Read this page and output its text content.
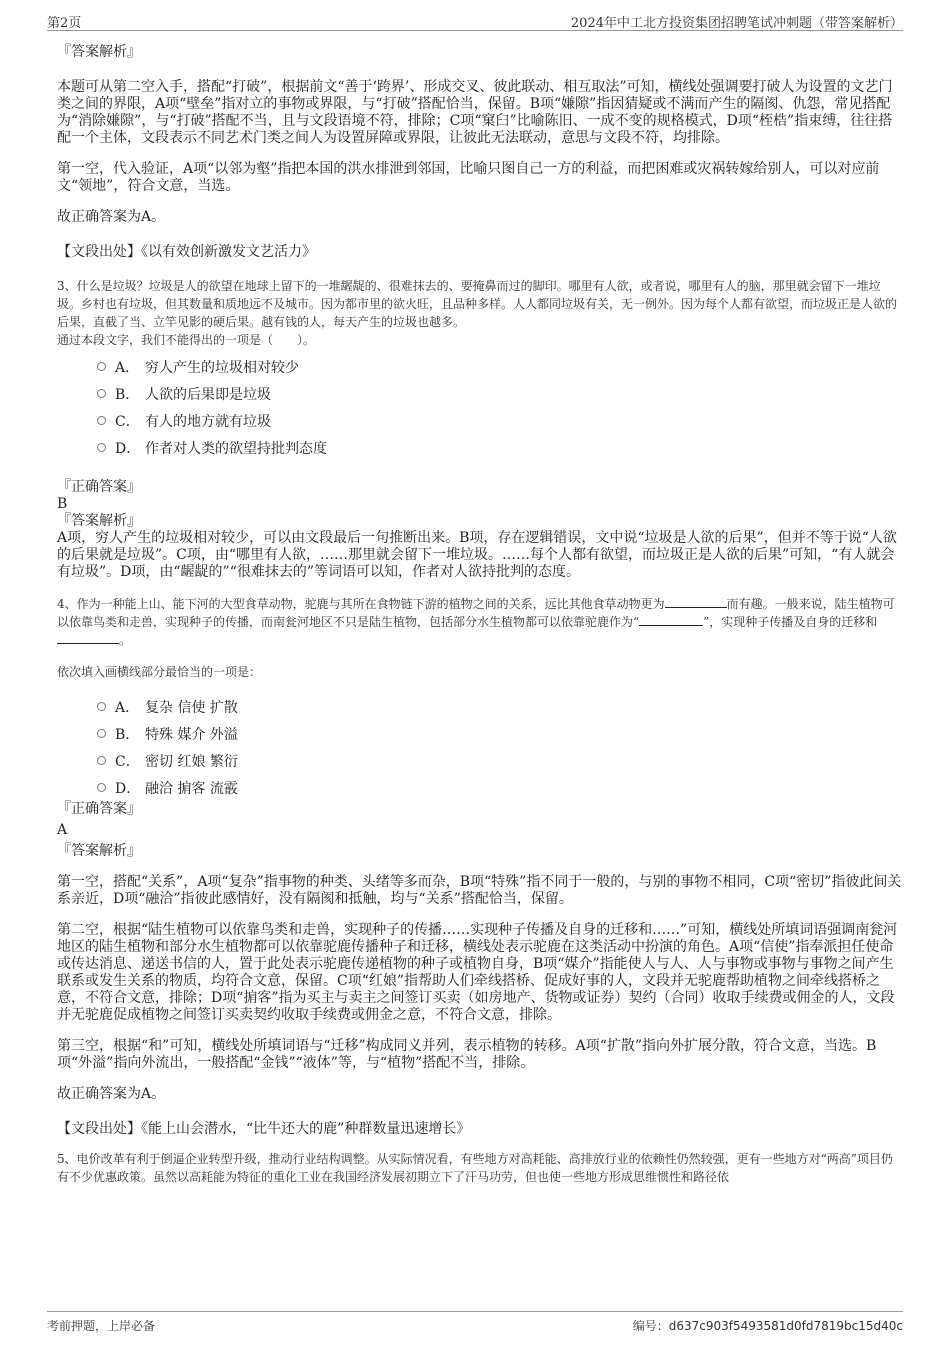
第2页	2024年中工北方投资集团招聘笔试冲刺题（带答案解析）

『答案解析』

本题可从第二空入手，搭配“打破”，根据前文“善于‘跨界’、形成交叉、彼此联动、相互取法”可知，横线处强调要打破人为设置的文艺门类之间的界限，A项“壁垒”指对立的事物或界限，与“打破”搭配恰当，保留。B项“嫌隙”指因猜疑或不满而产生的隔阂、仇怨，常见搭配为“消除嫌隙”，与“打破”搭配不当，且与文段语境不符，排除；C项“窠臼”比喻陈旧、一成不变的规格模式，D项“桎梏”指束缚，往往搭配一个主体，文段表示不同艺术门类之间人为设置屏障或界限，让彼此无法联动，意思与文段不符，均排除。

第一空，代入验证，A项“以邻为壑”指把本国的洪水排泄到邻国，比喻只图自己一方的利益，而把困难或灾祸转嫁给别人，可以对应前文“领地”，符合文意，当选。

故正确答案为A。

【文段出处】《以有效创新激发文艺活力》

3、什么是垃圾？垃圾是人的欲望在地球上留下的一堆龌龊的、很难抹去的、要掩鼻而过的脚印。哪里有人欲，或者说，哪里有人的脑，那里就会留下一堆垃圾。乡村也有垃圾，但其数量和质地远不及城市。因为都市里的欲火旺，且品种多样。人人都同垃圾有关，无一例外。因为每个人都有欲望，而垃圾正是人欲的后果，直截了当、立竿见影的硬后果。越有钱的人，每天产生的垃圾也越多。

通过本段文字，我们不能得出的一项是（　　）。

A． 穷人产生的垃圾相对较少
B． 人欲的后果即是垃圾
C． 有人的地方就有垃圾
D． 作者对人类的欲望持批判态度

『正确答案』

B

『答案解析』

A项，穷人产生的垃圾相对较少，可以由文段最后一句推断出来。B项，存在逻辑错误，文中说“垃圾是人欲的后果”，但并不等于说“人欲的后果就是垃圾”。C项，由“哪里有人欲，……那里就会留下一堆垃圾。……每个人都有欲望，而垃圾正是人欲的后果”可知，“有人就会有垃圾”。D项，由“龌龊的”“很难抹去的”等词语可以知，作者对人欲持批判的态度。

4、作为一种能上山、能下河的大型食草动物，驼鹿与其所在食物链下游的植物之间的关系，远比其他食草动物更为	而有趣。一般来说，陆生植物可以依靠鸟类和走兽，实现种子的传播，而南瓮河地区不只是陆生植物，包括部分水生植物都可以依靠驼鹿作为“	”，实现种子传播及自身的迁移和。

依次填入画横线部分最恰当的一项是：

A． 复杂 信使 扩散
B． 特殊 媒介 外溢
C． 密切 红娘 繁衍
D． 融洽 掮客 流霰

『正确答案』

A

『答案解析』

第一空，搭配“关系”，A项“复杂”指事物的种类、头绪等多而杂，B项“特殊”指不同于一般的，与别的事物不相同，C项“密切”指彼此间关系亲近，D项“融洽”指彼此感情好，没有隔阂和抵触，均与“关系”搭配恰当，保留。

第二空，根据“陆生植物可以依靠鸟类和走兽，实现种子的传播……实现种子传播及自身的迁移和……”可知，横线处所填词语强调南瓮河地区的陆生植物和部分水生植物都可以依靠驼鹿传播种子和迁移，横线处表示驼鹿在这类活动中扮演的角色。A项“信使”指奉派担任使命或传达消息、递送书信的人，置于此处表示驼鹿传递植物的种子或植物自身，B项“媒介”指能使人与人、人与事物或事物与事物之间产生联系或发生关系的物质，均符合文意，保留。C项“红娘”指帮助人们牵线搭桥、促成好事的人，文段并无驼鹿帮助植物之间牵线搭桥之意，不符合文意，排除；D项“掮客”指为买主与卖主之间签订买卖（如房地产、货物或证券）契约（合同）收取手续费或佣金的人，文段并无驼鹿促成植物之间签订买卖契约收取手续费或佣金之意，不符合文意，排除。

第三空，根据“和”可知，横线处所填词语与“迁移”构成同义并列，表示植物的转移。A项“扩散”指向外扩展分散，符合文意，当选。B项“外溢”指向外流出，一般搭配“金钱”“液体”等，与“植物”搭配不当，排除。

故正确答案为A。

【文段出处】《能上山会潜水，“比牛还大的鹿”种群数量迅速增长》

5、电价改革有利于倒逼企业转型升级，推动行业结构调整。从实际情况看，有些地方对高耗能、高排放行业的依赖性仍然较强，更有一些地方对“两高”项目仍有不少优惠政策。虽然以高耗能为特征的重化工业在我国经济发展初期立下了汗马功劳，但也使一些地方形成思维惯性和路径依

考前押题，上岸必备	编号：d637c903f5493581d0fd7819bc15d40c
